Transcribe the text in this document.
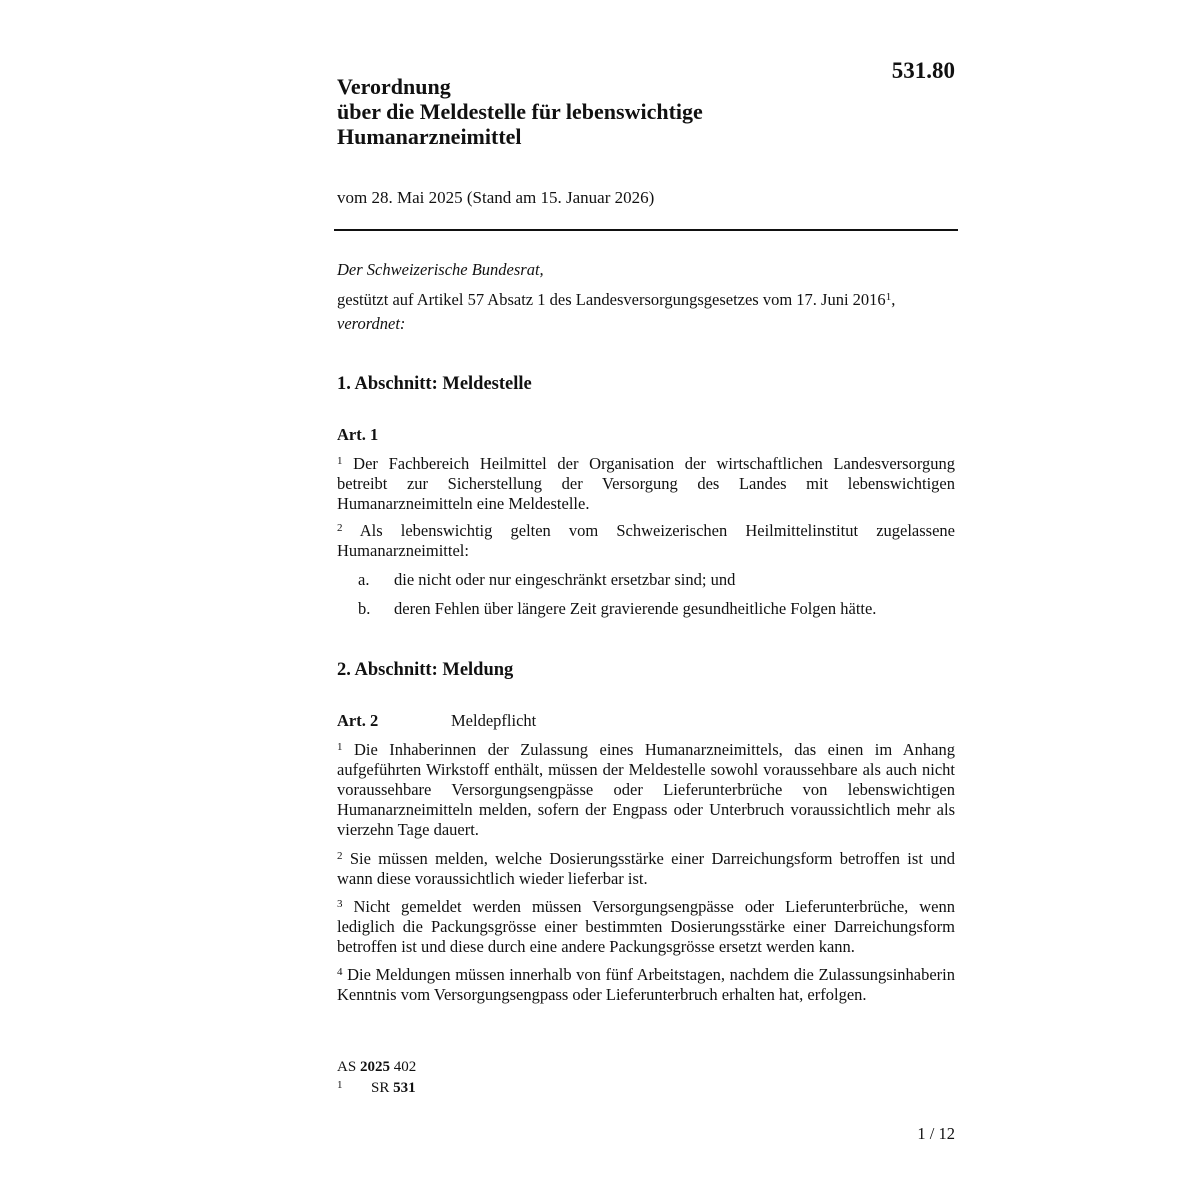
531.80
Verordnung
über die Meldestelle für lebenswichtige
Humanarzneimittel
vom 28. Mai 2025 (Stand am 15. Januar 2026)
Der Schweizerische Bundesrat,
gestützt auf Artikel 57 Absatz 1 des Landesversorgungsgesetzes vom 17. Juni 2016$^1$,
verordnet:
1. Abschnitt: Meldestelle
Art. 1
$^1$ Der Fachbereich Heilmittel der Organisation der wirtschaftlichen Landesversorgung betreibt zur Sicherstellung der Versorgung des Landes mit lebenswichtigen Humanarzneimitteln eine Meldestelle.
$^2$ Als lebenswichtig gelten vom Schweizerischen Heilmittelinstitut zugelassene Humanarzneimittel:
a. die nicht oder nur eingeschränkt ersetzbar sind; und
b. deren Fehlen über längere Zeit gravierende gesundheitliche Folgen hätte.
2. Abschnitt: Meldung
Art. 2	Meldepflicht
$^1$ Die Inhaberinnen der Zulassung eines Humanarzneimittels, das einen im Anhang aufgeführten Wirkstoff enthält, müssen der Meldestelle sowohl voraussehbare als auch nicht voraussehbare Versorgungsengpässe oder Lieferunterbrüche von lebenswichtigen Humanarzneimitteln melden, sofern der Engpass oder Unterbruch voraussichtlich mehr als vierzehn Tage dauert.
$^2$ Sie müssen melden, welche Dosierungsstärke einer Darreichungsform betroffen ist und wann diese voraussichtlich wieder lieferbar ist.
$^3$ Nicht gemeldet werden müssen Versorgungsengpässe oder Lieferunterbrüche, wenn lediglich die Packungsgrösse einer bestimmten Dosierungsstärke einer Darreichungsform betroffen ist und diese durch eine andere Packungsgrösse ersetzt werden kann.
$^4$ Die Meldungen müssen innerhalb von fünf Arbeitstagen, nachdem die Zulassungsinhaberin Kenntnis vom Versorgungsengpass oder Lieferunterbruch erhalten hat, erfolgen.
AS 2025 402
1 SR 531
1 / 12
